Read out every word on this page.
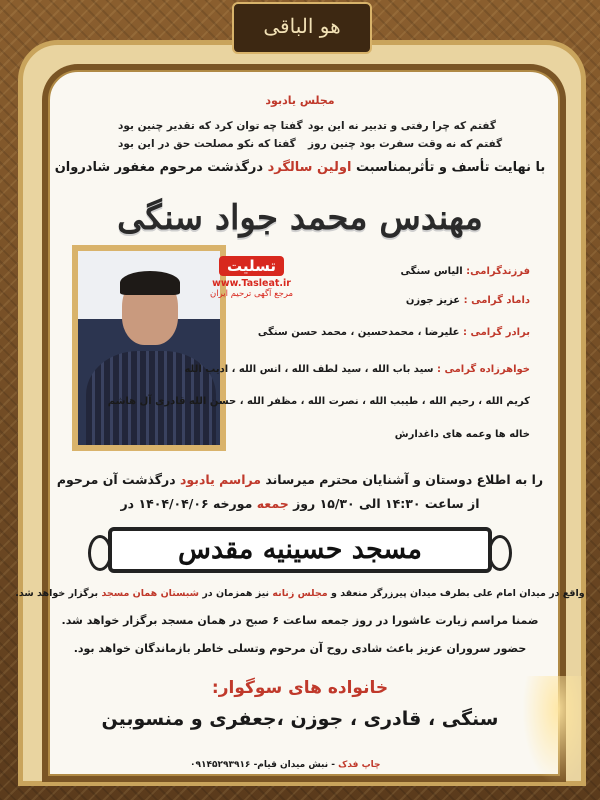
هو الباقی
مجلس یادبود
گفتم که چرا رفتی و تدبیر نه این بود
گفتا چه توان کرد که تقدیر چنین بود
گفتم که نه وقت سفرت بود چنین روز
گفتا که نکو مصلحت حق در این بود
با نهایت تأسف و تأثربمناسبت اولین سالگرد درگذشت مرحوم مغفور شادروان
مهندس محمد جواد سنگی
تسلیت
www.Tasleat.ir
مرجع آگهی ترحیم ایران
فرزندگرامی: الیاس سنگی
داماد گرامی : عزیز جوزن
برادر گرامی : علیرضا ، محمدحسین ، محمد حسن سنگی
خواهرزاده گرامی : سید باب الله ، سید لطف الله ، انس الله ، ادیب الله
کریم الله ، رحیم الله ، طیبب الله ، نصرت الله ، مظفر الله ، حسن الله قادری آل هاشم
خاله ها وعمه های داغدارش
را به اطلاع دوستان و آشنایان محترم میرساند مراسم یادبود درگذشت آن مرحوم
از ساعت ۱۴:۳۰ الی ۱۵/۳۰ روز جمعه مورخه ۱۴۰۴/۰۴/۰۶ در
مسجد حسینیه مقدس
واقع در میدان امام علی بطرف میدان پیرزرگر منعقد و مجلس زنانه نیز همزمان در شبستان همان مسجد برگزار خواهد شد.
ضمنا مراسم زیارت عاشورا در روز جمعه ساعت ۶ صبح در همان مسجد برگزار خواهد شد.
حضور سروران عزیز باعث شادی روح آن مرحوم وتسلی خاطر بازماندگان خواهد بود.
خانواده های سوگوار:
سنگی ، قادری ، جوزن ،جعفری و منسوبین
چاپ فدک - نبش میدان قیام- ۰۹۱۴۵۲۹۳۹۱۶
